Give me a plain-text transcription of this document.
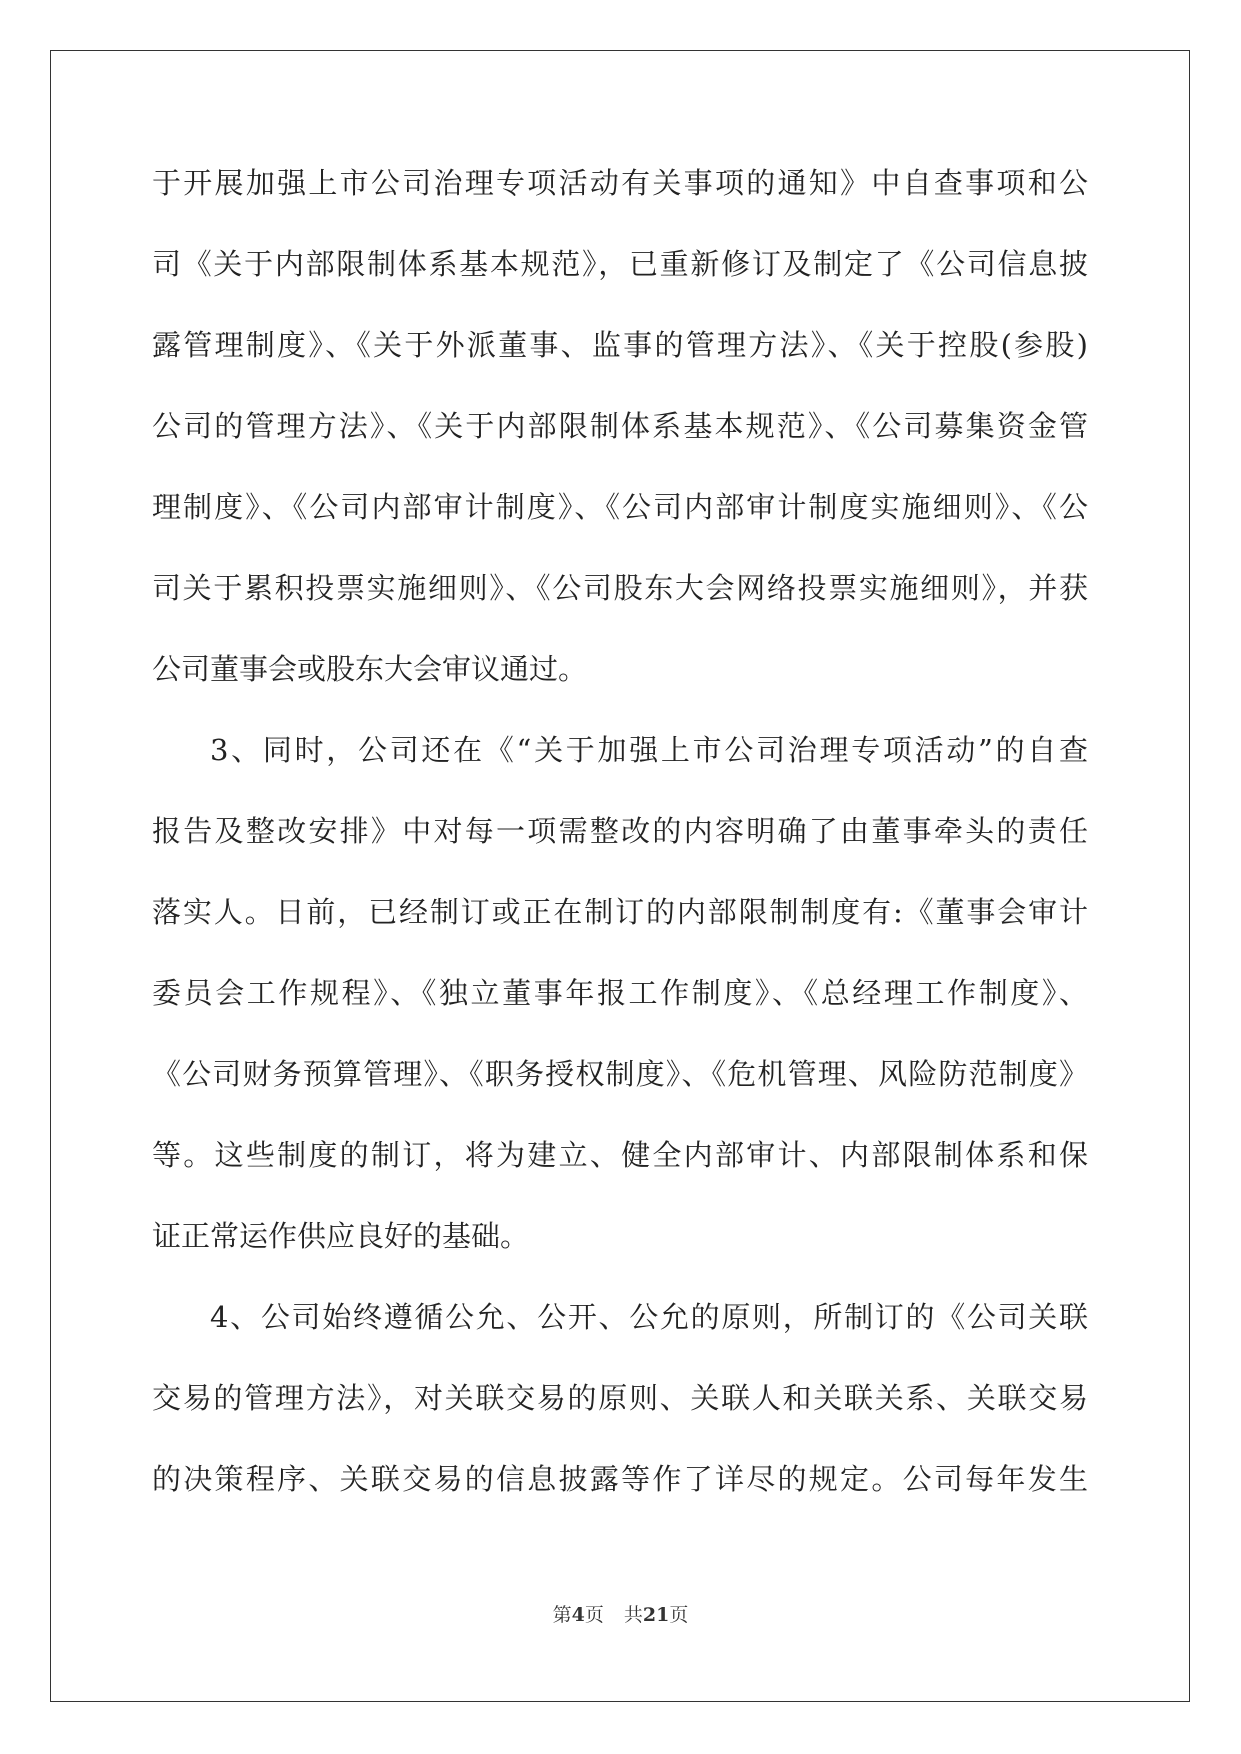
于开展加强上市公司治理专项活动有关事项的通知》中自查事项和公
司《关于内部限制体系基本规范》，已重新修订及制定了《公司信息披
露管理制度》、《关于外派董事、监事的管理方法》、《关于控股(参股)
公司的管理方法》、《关于内部限制体系基本规范》、《公司募集资金管
理制度》、《公司内部审计制度》、《公司内部审计制度实施细则》、《公
司关于累积投票实施细则》、《公司股东大会网络投票实施细则》，并获
公司董事会或股东大会审议通过。
3、同时，公司还在《“关于加强上市公司治理专项活动”的自查
报告及整改安排》中对每一项需整改的内容明确了由董事牵头的责任
落实人。日前，已经制订或正在制订的内部限制制度有:《董事会审计
委员会工作规程》、《独立董事年报工作制度》、《总经理工作制度》、
《公司财务预算管理》、《职务授权制度》、《危机管理、风险防范制度》
等。这些制度的制订，将为建立、健全内部审计、内部限制体系和保
证正常运作供应良好的基础。
4、公司始终遵循公允、公开、公允的原则，所制订的《公司关联
交易的管理方法》，对关联交易的原则、关联人和关联关系、关联交易
的决策程序、关联交易的信息披露等作了详尽的规定。公司每年发生
第4页 共21页
